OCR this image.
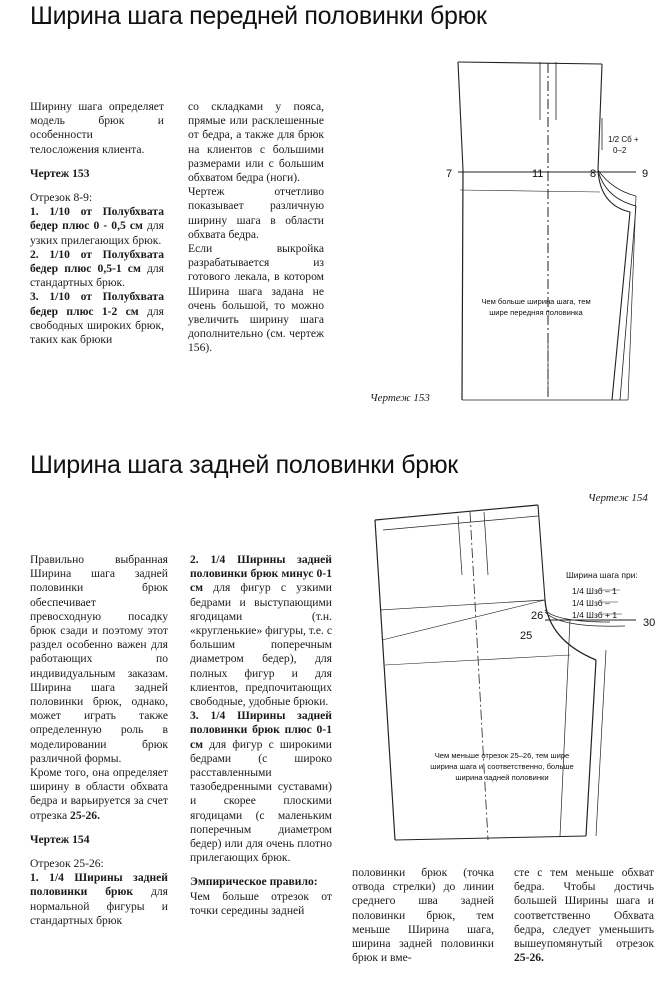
Ширина шага передней половинки брюк

Ширину шага определяет модель брюк и особенности телосложения клиента.

Чертеж 153

Отрезок 8-9:

1. 1/10 от Полубхвата бедер плюс 0 - 0,5 см для узких прилегающих брюк.

2. 1/10 от Полубхвата бедер плюс 0,5-1 см для стандартных брюк.

3. 1/10 от Полубхвата бедер плюс 1-2 см для свободных широких брюк, таких как брюки

со складками у пояса, прямые или расклешенные от бедра, а также для брюк на клиентов с большими размерами или с большим обхватом бедра (ноги).

Чертеж отчетливо показывает различную ширину шага в области обхвата бедра.

Если выкройка разрабатывается из готового лекала, в котором Ширина шага задана не очень большой, то можно увеличить ширину шага дополнительно (см. чертеж 156).

7	11	8	9
1/2 Сб +
0–2
Чем больше ширина шага, тем
шире передняя половинка
Чертеж 153
Ширина шага задней половинки брюк
Чертеж 154
Ширина шага при:
1/4 Шзб – 1
1/4 Шзб –
1/4 Шзб + 1
26
25
30
Чем меньше отрезок 25–26, тем шире
ширина шага и, соответственно, больше
ширина задней половинки

Правильно выбранная Ширина шага задней половинки брюк обеспечивает превосходную посадку брюк сзади и поэтому этот раздел особенно важен для работающих по индивидуальным заказам. Ширина шага задней половинки брюк, однако, может играть также определенную роль в моделировании брюк различной формы.

Кроме того, она определяет ширину в области обхвата бедра и варьируется за счет отрезка 25-26.

Чертеж 154

Отрезок 25-26:

1. 1/4 Ширины задней половинки брюк для нормальной фигуры и стандартных брюк

2. 1/4 Ширины задней половинки брюк минус 0-1 см для фигур с узкими бедрами и выступающими ягодицами (т.н. «кругленькие» фигуры, т.е. с большим поперечным диаметром бедер), для полных фигур и для клиентов, предпочитающих свободные, удобные брюки.

3. 1/4 Ширины задней половинки брюк плюс 0-1 см для фигур с широкими бедрами (с широко расставленными тазобедренными суставами) и скорее плоскими ягодицами (с маленьким поперечным диаметром бедер) или для очень плотно прилегающих брюк.

Эмпирическое правило:

Чем больше отрезок от точки середины задней

половинки брюк (точка отвода стрелки) до линии среднего шва задней половинки брюк, тем меньше Ширина шага, ширина задней половинки брюк и вме-

сте с тем меньше обхват бедра. Чтобы достичь большей Ширины шага и соответственно Обхвата бедра, следует уменьшить вышеупомянутый отрезок 25-26.
